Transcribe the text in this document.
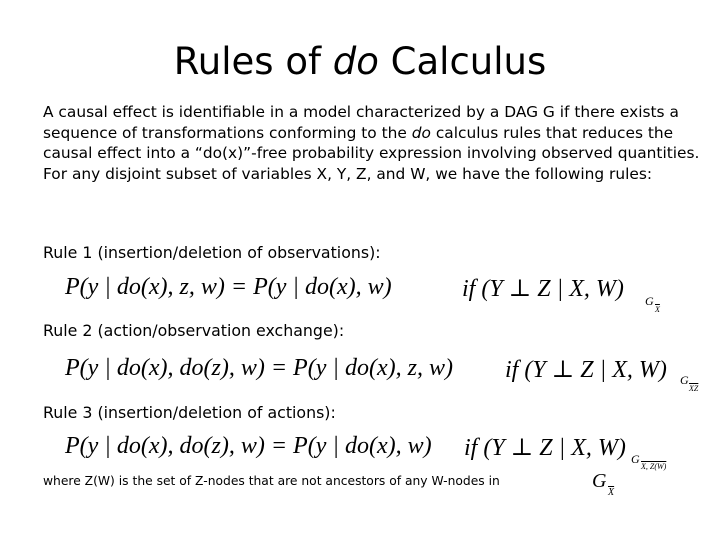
Rules of do Calculus
A causal effect is identifiable in a model characterized by a DAG G if there exists a sequence of transformations conforming to the do calculus rules that reduces the causal effect into a “do(x)”-free probability expression involving observed quantities. For any disjoint subset of variables X, Y, Z, and W, we have the following rules:
Rule 1 (insertion/deletion of observations):
P(y | do(x), z, w) = P(y | do(x), w)	if (Y ⊥ Z | X, W) G
$\overline{X}$
Rule 2 (action/observation exchange):
P(y | do(x), do(z), w) = P(y | do(x), z, w) if (Y ⊥ Z | X, W) G
$\overline{XZ}$
Rule 3 (insertion/deletion of actions):
P(y | do(x), do(z), w) = P(y | do(x), w) if (Y ⊥ Z | X, W) G
X, Z(W)
where Z(W) is the set of Z-nodes that are not ancestors of any W-nodes in	G
$\overline{X}$
